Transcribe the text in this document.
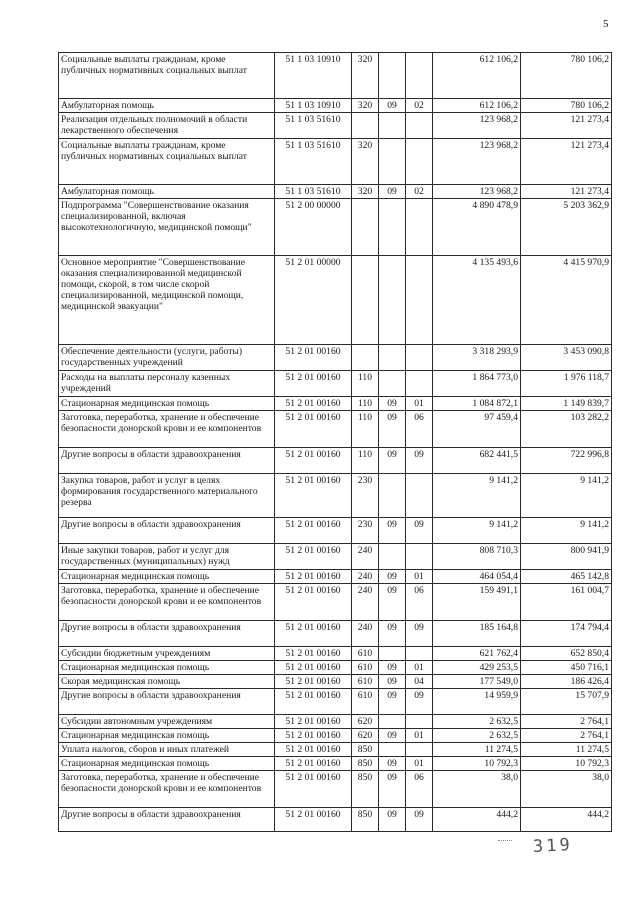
5
Социальные выплаты гражданам, кроме публичных нормативных социальных выплат	51 1 03 10910	320			612 106,2	780 106,2
Амбулаторная помощь	51 1 03 10910	320	09	02	612 106,2	780 106,2
Реализация отдельных полномочий в области лекарственного обеспечения	51 1 03 51610				123 968,2	121 273,4
Социальные выплаты гражданам, кроме публичных нормативных социальных выплат	51 1 03 51610	320			123 968,2	121 273,4
Амбулаторная помощь	51 1 03 51610	320	09	02	123 968,2	121 273,4
Подпрограмма "Совершенствование оказания специализированной, включая высокотехнологичную, медицинской помощи"	51 2 00 00000				4 890 478,9	5 203 362,9
Основное мероприятие "Совершенствование оказания специализированной медицинской помощи, скорой, в том числе скорой специализированной, медицинской помощи, медицинской эвакуации"	51 2 01 00000				4 135 493,6	4 415 970,9
Обеспечение деятельности (услуги, работы) государственных учреждений	51 2 01 00160				3 318 293,9	3 453 090,8
Расходы на выплаты персоналу казенных учреждений	51 2 01 00160	110			1 864 773,0	1 976 118,7
Стационарная медицинская помощь	51 2 01 00160	110	09	01	1 084 872,1	1 149 839,7
Заготовка, переработка, хранение и обеспечение безопасности донорской крови и ее компонентов	51 2 01 00160	110	09	06	97 459,4	103 282,2
Другие вопросы в области здравоохранения	51 2 01 00160	110	09	09	682 441,5	722 996,8
Закупка товаров, работ и услуг в целях формирования государственного материального резерва	51 2 01 00160	230			9 141,2	9 141,2
Другие вопросы в области здравоохранения	51 2 01 00160	230	09	09	9 141,2	9 141,2
Иные закупки товаров, работ и услуг для государственных (муниципальных) нужд	51 2 01 00160	240			808 710,3	800 941,9
Стационарная медицинская помощь	51 2 01 00160	240	09	01	464 054,4	465 142,8
Заготовка, переработка, хранение и обеспечение безопасности донорской крови и ее компонентов	51 2 01 00160	240	09	06	159 491,1	161 004,7
Другие вопросы в области здравоохранения	51 2 01 00160	240	09	09	185 164,8	174 794,4
Субсидии бюджетным учреждениям	51 2 01 00160	610			621 762,4	652 850,4
Стационарная медицинская помощь	51 2 01 00160	610	09	01	429 253,5	450 716,1
Скорая медицинская помощь	51 2 01 00160	610	09	04	177 549,0	186 426,4
Другие вопросы в области здравоохранения	51 2 01 00160	610	09	09	14 959,9	15 707,9
Субсидии автономным учреждениям	51 2 01 00160	620			2 632,5	2 764,1
Стационарная медицинская помощь	51 2 01 00160	620	09	01	2 632,5	2 764,1
Уплата налогов, сборов и иных платежей	51 2 01 00160	850			11 274,5	11 274,5
Стационарная медицинская помощь	51 2 01 00160	850	09	01	10 792,3	10 792,3
Заготовка, переработка, хранение и обеспечение безопасности донорской крови и ее компонентов	51 2 01 00160	850	09	06	38,0	38,0
Другие вопросы в области здравоохранения	51 2 01 00160	850	09	09	444,2	444,2
319
